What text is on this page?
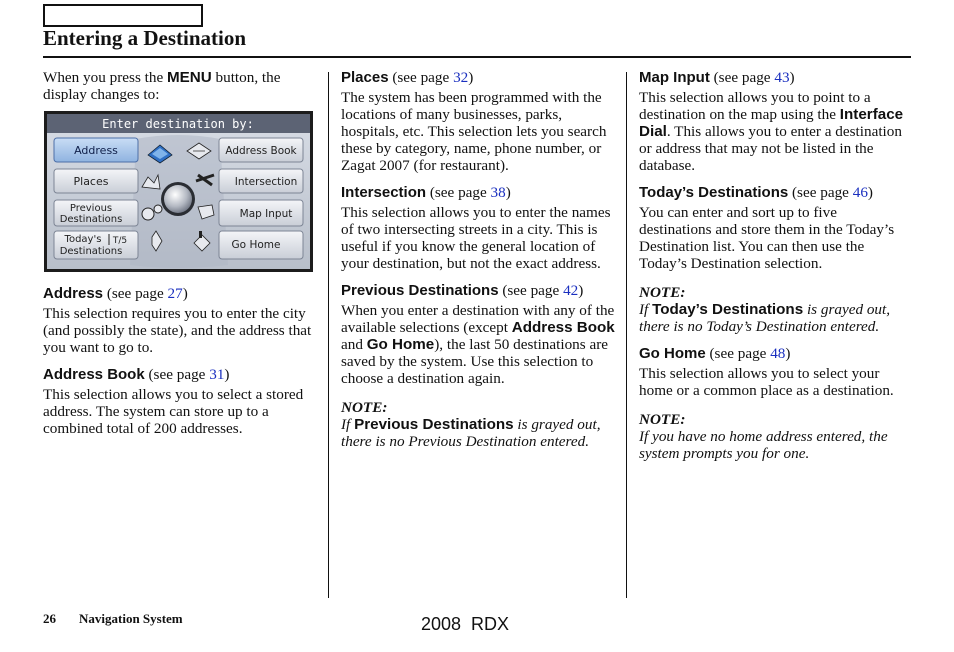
Entering a Destination

When you press the MENU button, the display changes to:

Enter destination by:
Address
Places
Previous
Destinations
Today's
Destinations
T/5
Address Book
Intersection
Map Input
Go Home

Address (see page 27)

This selection requires you to enter the city (and possibly the state), and the address that you want to go to.

Address Book (see page 31)

This selection allows you to select a stored address. The system can store up to a combined total of 200 addresses.

Places (see page 32)

The system has been programmed with the locations of many businesses, parks, hospitals, etc. This selection lets you search these by category, name, phone number, or Zagat 2007 (for restaurant).

Intersection (see page 38)

This selection allows you to enter the names of two intersecting streets in a city. This is useful if you know the general location of your destination, but not the exact address.

Previous Destinations (see page 42)

When you enter a destination with any of the available selections (except Address Book and Go Home), the last 50 destinations are saved by the system. Use this selection to choose a destination again.

NOTE:

If Previous Destinations is grayed out, there is no Previous Destination entered.

Map Input (see page 43)

This selection allows you to point to a destination on the map using the Interface Dial. This allows you to enter a destination or address that may not be listed in the database.

Today’s Destinations (see page 46)

You can enter and sort up to five destinations and store them in the Today’s Destination list. You can then use the Today’s Destination selection.

NOTE:

If Today’s Destinations is grayed out, there is no Today’s Destination entered.

Go Home (see page 48)

This selection allows you to select your home or a common place as a destination.

NOTE:

If you have no home address entered, the system prompts you for one.

26 Navigation System	2008  RDX
